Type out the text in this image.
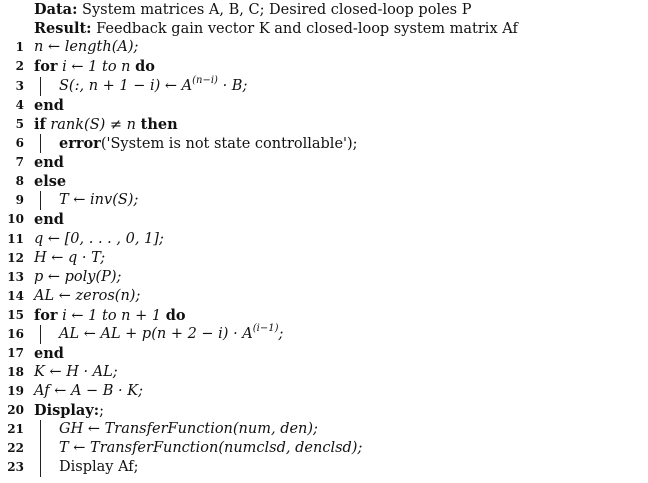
Data: System matrices A, B, C; Desired closed-loop poles P
Result: Feedback gain vector K and closed-loop system matrix Af
1 n ← length(A);
2 for i ← 1 to n do
3 S(:, n + 1 − i) ← $A^{(n-i)} \cdot B$;
4 end
5 if rank(S) ≠ n then
6 error('System is not state controllable');
7 end
8 else
9 T ← inv(S);
10 end
11 q ← [0, . . . , 0, 1];
12 H ← q · T;
13 p ← poly(P);
14 AL ← zeros(n);
15 for i ← 1 to n + 1 do
16 AL ← AL + $p(n + 2 - i) \cdot A^{(i-1)}$;
17 end
18 K ← H · AL;
19 Af ← A − B · K;
20 Display:;
21 GH ← TransferFunction(num, den);
22 T ← TransferFunction(numclsd, denclsd);
23 Display Af;
